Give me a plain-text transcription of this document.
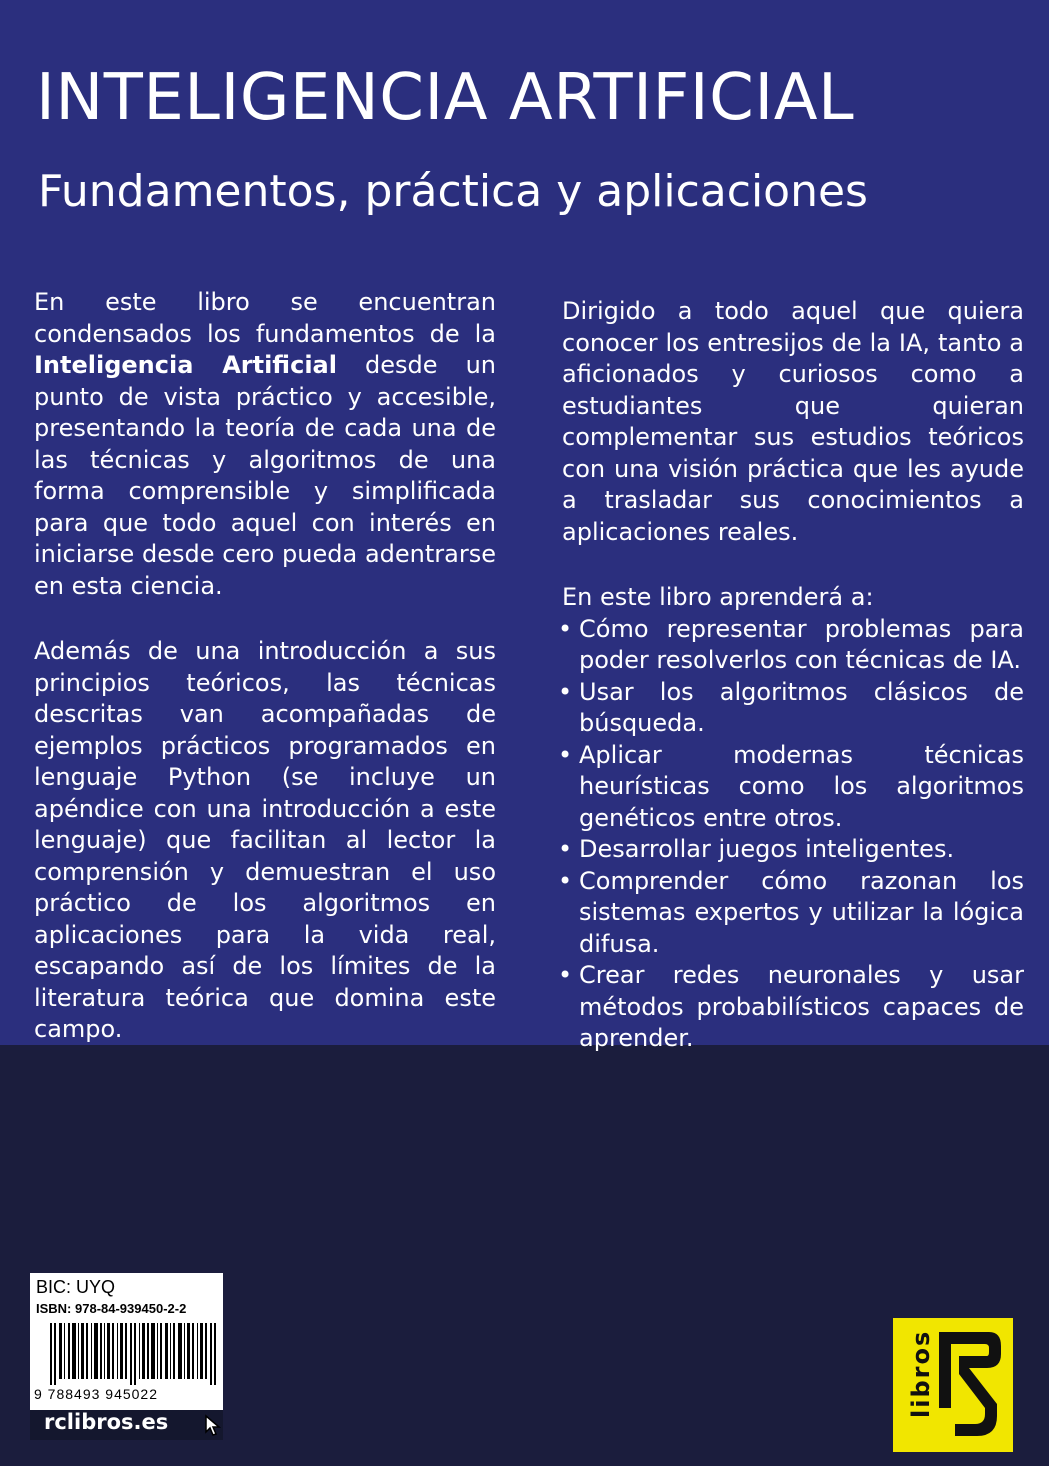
INTELIGENCIA ARTIFICIAL
Fundamentos, práctica y aplicaciones

En este libro se encuentran condensados los fundamentos de la Inteligencia Artificial desde un punto de vista práctico y accesible, presentando la teoría de cada una de las técnicas y algoritmos de una forma comprensible y simplificada para que todo aquel con interés en iniciarse desde cero pueda adentrarse en esta ciencia.

Además de una introducción a sus principios teóricos, las técnicas descritas van acompañadas de ejemplos prácticos programados en lenguaje Python (se incluye un apéndice con una introducción a este lenguaje) que facilitan al lector la comprensión y demuestran el uso práctico de los algoritmos en aplicaciones para la vida real, escapando así de los límites de la literatura teórica que domina este campo.

Dirigido a todo aquel que quiera conocer los entresijos de la IA, tanto a aficionados y curiosos como a estudiantes que quieran complementar sus estudios teóricos con una visión práctica que les ayude a trasladar sus conocimientos a aplicaciones reales.

En este libro aprenderá a:

• Cómo representar problemas para poder resolverlos con técnicas de IA.
• Usar los algoritmos clásicos de búsqueda.
• Aplicar modernas técnicas heurísticas como los algoritmos genéticos entre otros.
• Desarrollar juegos inteligentes.
• Comprender cómo razonan los sistemas expertos y utilizar la lógica difusa.
• Crear redes neuronales y usar métodos probabilísticos capaces de aprender.
BIC: UYQ
ISBN: 978-84-939450-2-2
9 788493 945022
rclibros.es
libros
